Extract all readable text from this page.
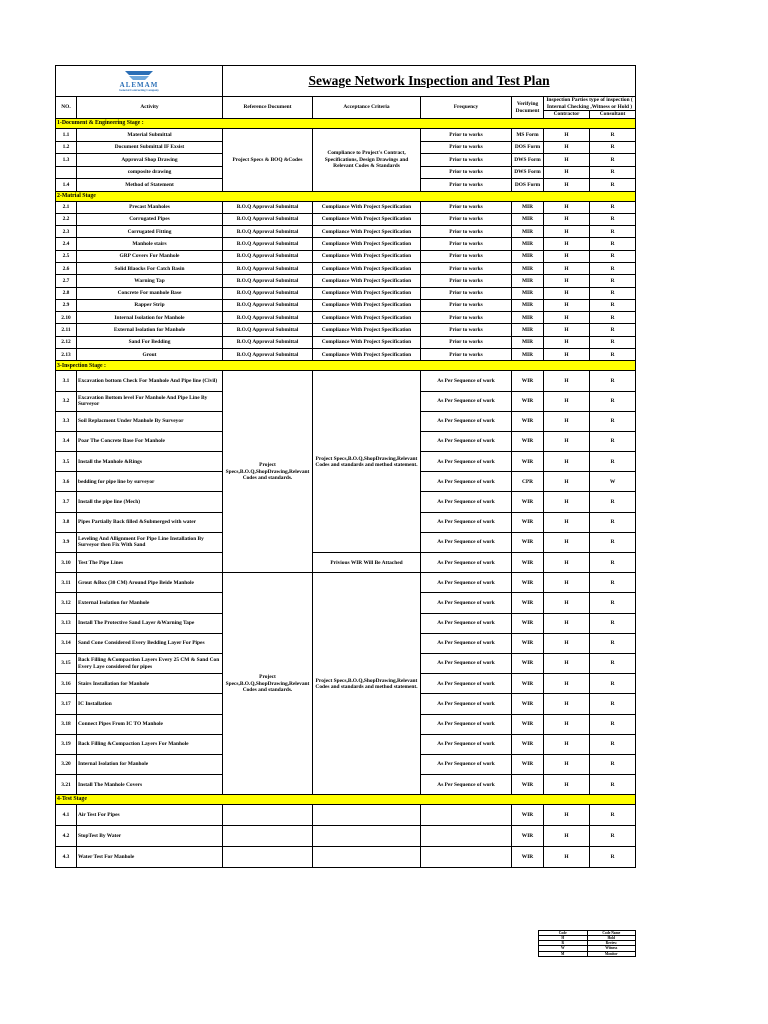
ALEMAM
General Contracting Company		Sewage Network Inspection and Test Plan					
NO.	Activity	Reference Document	Acceptance Criteria	Frequency	Verifying Document	Inspection Parties type of inspection ( Internal Checking ,Witness or Hold )	
						Contractor	Consultant
1-Document & Engineering Stage :							
1.1	Material Submittal	Project Specs & BOQ &Codes	Compliance to Project's Contract, Specifications, Design Drawings and Relevant Codes & Standards	Prior to works	MS Form	H	R
1.2	Document Submittal IF Exsist			Prior to works	DOS Form	H	R
1.3	Approval Shop Drawing			Prior to works	DWS Form	H	R
	composite drawing			Prior to works	DWS Form	H	R
1.4	Method of Statement			Prior to works	DOS Form	H	R
2-Matrial Stage							
2.1	Precast Manholes	B.O.Q Approval Submittal	Compliance With Project Specification	Prior to works	MIR	H	R
2.2	Corrugated Pipes	B.O.Q Approval Submittal	Compliance With Project Specification	Prior to works	MIR	H	R
2.3	Corrugated Fitting	B.O.Q Approval Submittal	Compliance With Project Specification	Prior to works	MIR	H	R
2.4	Manhole stairs	B.O.Q Approval Submittal	Compliance With Project Specification	Prior to works	MIR	H	R
2.5	GRP Covers For Manhole	B.O.Q Approval Submittal	Compliance With Project Specification	Prior to works	MIR	H	R
2.6	Solid Blaocks For Catch Basin	B.O.Q Approval Submittal	Compliance With Project Specification	Prior to works	MIR	H	R
2.7	Warning Tap	B.O.Q Approval Submittal	Compliance With Project Specification	Prior to works	MIR	H	R
2.8	Concrete For manhole Base	B.O.Q Approval Submittal	Compliance With Project Specification	Prior to works	MIR	H	R
2.9	Rapper Strip	B.O.Q Approval Submittal	Compliance With Project Specification	Prior to works	MIR	H	R
2.10	Internal Isolation for Manhole	B.O.Q Approval Submittal	Compliance With Project Specification	Prior to works	MIR	H	R
2.11	External Isolation for Manhole	B.O.Q Approval Submittal	Compliance With Project Specification	Prior to works	MIR	H	R
2.12	Sand For Bedding	B.O.Q Approval Submittal	Compliance With Project Specification	Prior to works	MIR	H	R
2.13	Grout	B.O.Q Approval Submittal	Compliance With Project Specification	Prior to works	MIR	H	R
3-Inspection Stage :							
3.1	Excavation bottom Check For Manhole And Pipe line (Civil)	Project Specs,B.O.Q,ShopDrawing,Relevant Codes and standards.	Project Specs,B.O.Q,ShopDrawing,Relevant Codes and standards and method statement.	As Per Sequence of work	WIR	H	R
3.2	Excavation Bottom level For Manhole And Pipe Line By Surveyor			As Per Sequence of work	WIR	H	R
3.3	Soil Replacment Under Manhole By Surveyor			As Per Sequence of work	WIR	H	R
3.4	Poar The Concrete Base For Manhole			As Per Sequence of work	WIR	H	R
3.5	Install the Manhole &Rings			As Per Sequence of work	WIR	H	R
3.6	bedding for pipe line by surveyor			As Per Sequence of work	CPR	H	W
3.7	Install the pipe line (Mech)			As Per Sequence of work	WIR	H	R
3.8	Pipes Partially Back filled &Submerged with water			As Per Sequence of work	WIR	H	R
3.9	Leveling And Allignment For Pipe Line Installation By Surveyor then Fix With Sand			As Per Sequence of work	WIR	H	R
3.10	Test The Pipe Lines		Privious WIR Will Be Attached	As Per Sequence of work	WIR	H	R
3.11	Grout &Box (30 CM) Around Pipe Beide Manhole	Project Specs,B.O.Q,ShopDrawing,Relevant Codes and standards.	Project Specs,B.O.Q,ShopDrawing,Relevant Codes and standards and method statement.	As Per Sequence of work	WIR	H	R
3.12	External Isolation for Manhole			As Per Sequence of work	WIR	H	R
3.13	Install The Protective Sand Layer &Warning Tape			As Per Sequence of work	WIR	H	R
3.14	Sand Cone Considered Every Bedding Layer For Pipes			As Per Sequence of work	WIR	H	R
3.15	Back Filling &Compaction Layers Every 25 CM & Sand Con Every Laye considered for pipes			As Per Sequence of work	WIR	H	R
3.16	Stairs Installation for Manhole			As Per Sequence of work	WIR	H	R
3.17	IC Installation			As Per Sequence of work	WIR	H	R
3.18	Connect Pipes From IC TO Manhole			As Per Sequence of work	WIR	H	R
3.19	Back Filling &Compaction Layers For Manhole			As Per Sequence of work	WIR	H	R
3.20	Internal Isolation for Manhole			As Per Sequence of work	WIR	H	R
3.21	Install The Manhole Covers			As Per Sequence of work	WIR	H	R
4-Test Stage							
4.1	Air Test For Pipes				WIR	H	R
4.2	StopTest By Water				WIR	H	R
4.3	Water Test For Manhole				WIR	H	R
Code	Code Name
H	Hold
R	Review
W	Witness
M	Monitor
